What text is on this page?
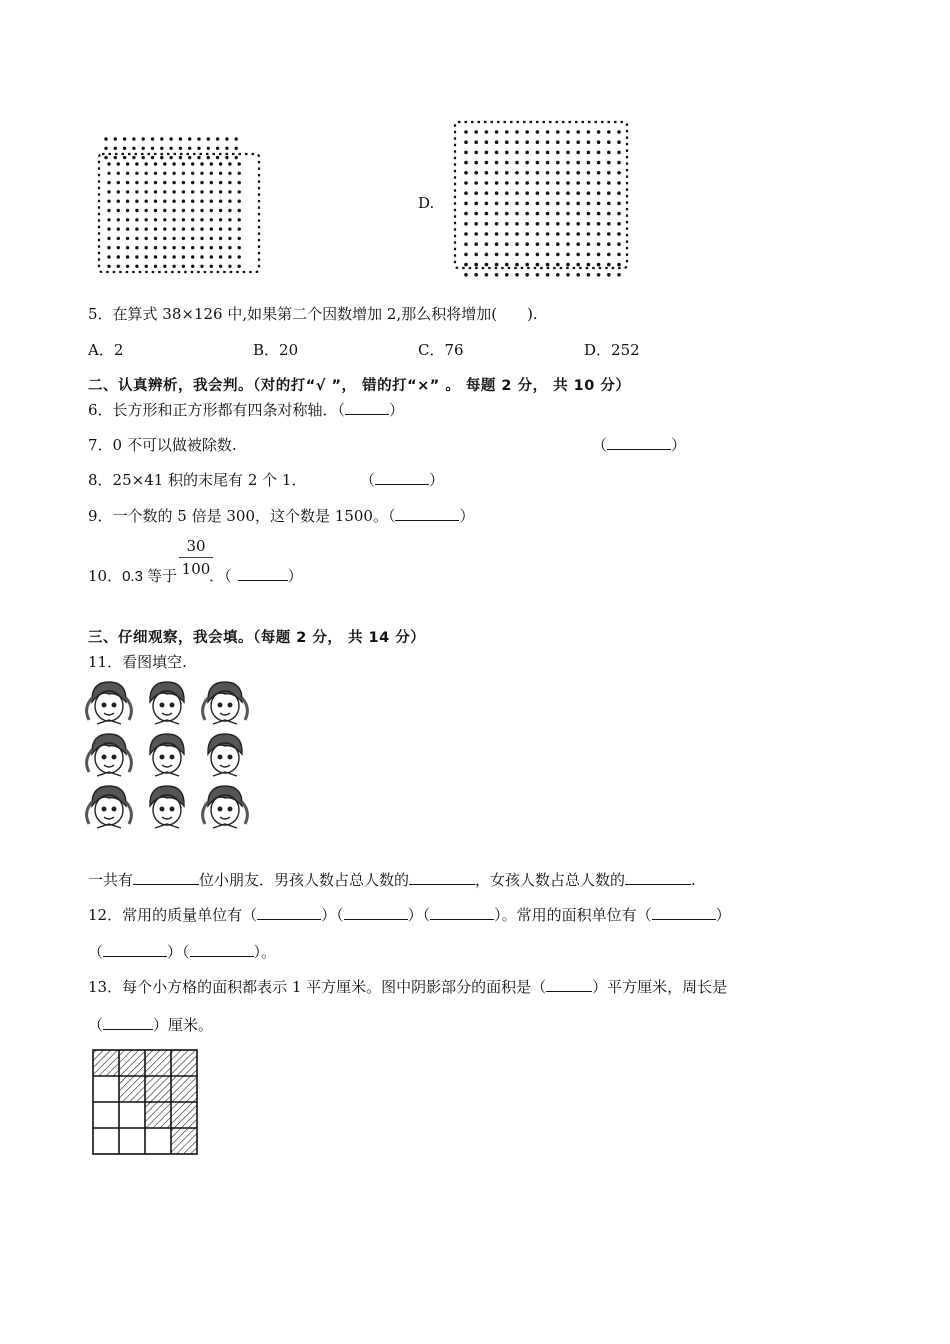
D.
5．在算式 38×126 中,如果第二个因数增加 2,那么积将增加(　　).
A．2	B．20	C．76	D．252
二、认真辨析，我会判。（对的打“√ ”， 错的打“×” 。 每题 2 分， 共 10 分）
6．长方形和正方形都有四条对称轴．（	）
7．0 不可以做被除数.	（	）
8．25×41 积的末尾有 2 个 1．	（	）
9．一个数的 5 倍是 300，这个数是 1500。（	）
10．0.3 等于 ．（	）
30
100
三、仔细观察，我会填。（每题 2 分， 共 14 分）
11．看图填空.
一共有	位小朋友．男孩人数占总人数的	，女孩人数占总人数的	.
12．常用的质量单位有（	）（	）（	）。常用的面积单位有（	）
（	）（	）。
13．每个小方格的面积都表示 1 平方厘米。图中阴影部分的面积是（	）平方厘米，周长是
（	）厘米。
